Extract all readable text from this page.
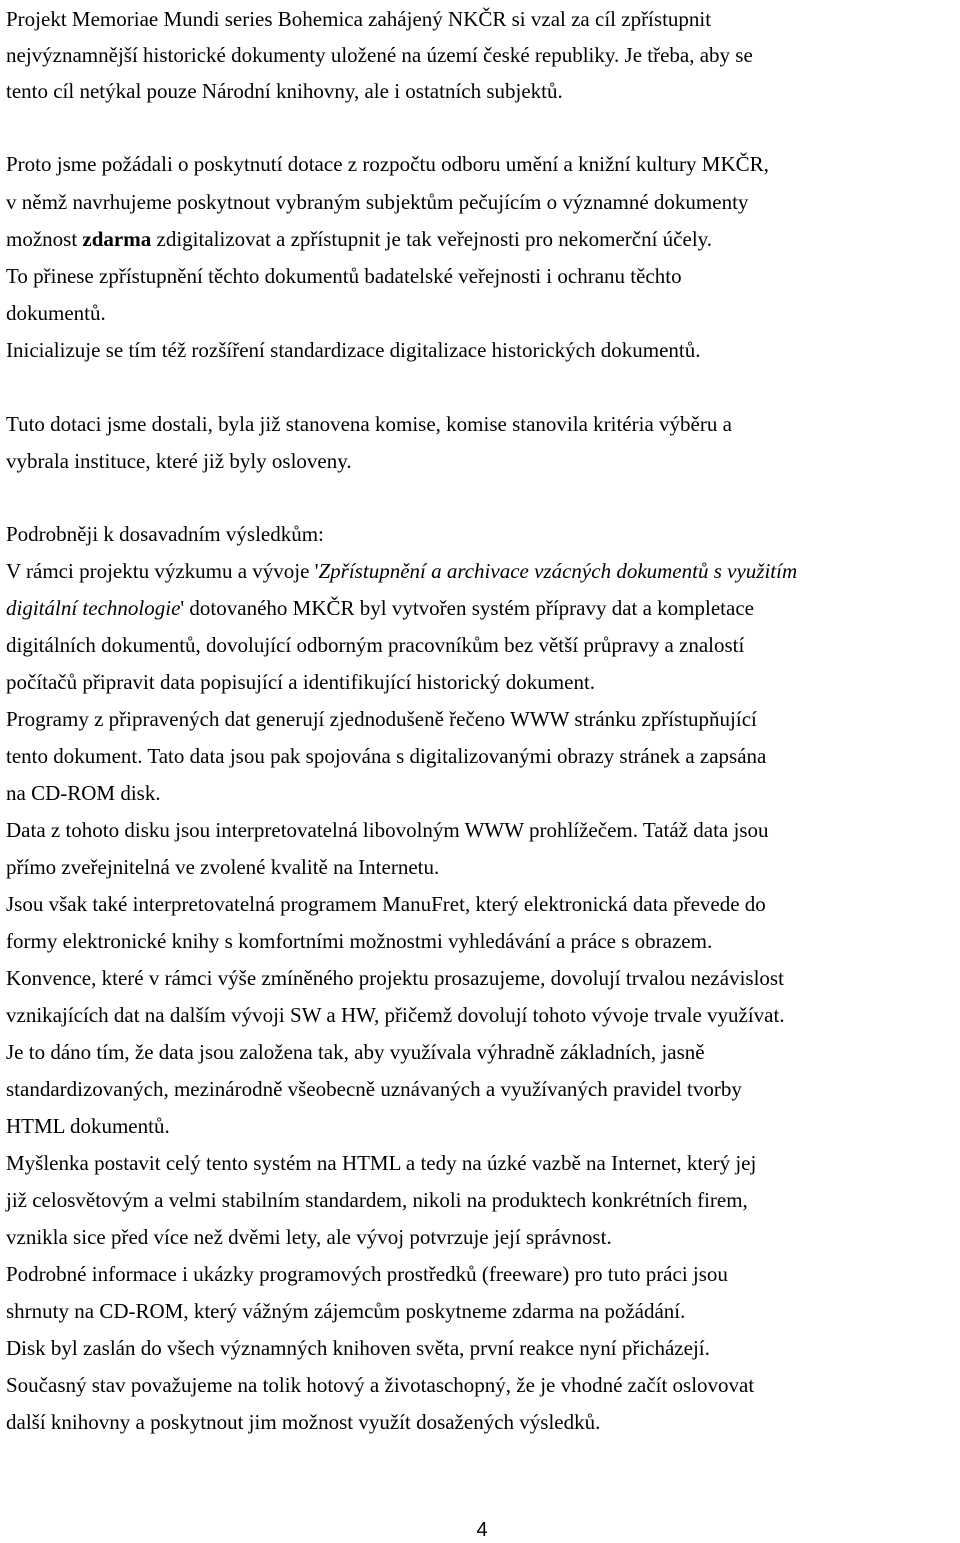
Projekt Memoriae Mundi series Bohemica zahájený NKČR si vzal za cíl zpřístupnit
nejvýznamnější historické dokumenty uložené na území české republiky. Je třeba, aby se
tento cíl netýkal pouze Národní knihovny, ale i ostatních subjektů.
Proto jsme požádali o poskytnutí dotace z rozpočtu odboru umění a knižní kultury MKČR,
v němž navrhujeme poskytnout vybraným subjektům pečujícím o významné dokumenty
možnost zdarma zdigitalizovat a zpřístupnit je tak veřejnosti pro nekomerční účely.
To přinese zpřístupnění těchto dokumentů badatelské veřejnosti i ochranu těchto
dokumentů.
Inicializuje se tím též rozšíření standardizace digitalizace historických dokumentů.
Tuto dotaci jsme dostali, byla již stanovena komise, komise stanovila kritéria výběru a
vybrala instituce, které již byly osloveny.
Podrobněji k dosavadním výsledkům:
V rámci projektu výzkumu a vývoje 'Zpřístupnění a archivace vzácných dokumentů s využitím
digitální technologie' dotovaného MKČR byl vytvořen systém přípravy dat a kompletace
digitálních dokumentů, dovolující odborným pracovníkům bez větší průpravy a znalostí
počítačů připravit data popisující a identifikující historický dokument.
Programy z připravených dat generují zjednodušeně řečeno WWW stránku zpřístupňující
tento dokument. Tato data jsou pak spojována s digitalizovanými obrazy stránek a zapsána
na CD-ROM disk.
Data z tohoto disku jsou interpretovatelná libovolným WWW prohlížečem. Tatáž data jsou
přímo zveřejnitelná ve zvolené kvalitě na Internetu.
Jsou však také interpretovatelná programem ManuFret, který elektronická data převede do
formy elektronické knihy s komfortními možnostmi vyhledávání a práce s obrazem.
Konvence, které v rámci výše zmíněného projektu prosazujeme, dovolují trvalou nezávislost
vznikajících dat na dalším vývoji SW a HW, přičemž dovolují tohoto vývoje trvale využívat.
Je to dáno tím, že data jsou založena tak, aby využívala výhradně základních, jasně
standardizovaných, mezinárodně všeobecně uznávaných a využívaných pravidel tvorby
HTML dokumentů.
Myšlenka postavit celý tento systém na HTML a tedy na úzké vazbě na Internet, který jej
již celosvětovým a velmi stabilním standardem, nikoli na produktech konkrétních firem,
vznikla sice před více než dvěmi lety, ale vývoj potvrzuje její správnost.
Podrobné informace i ukázky programových prostředků (freeware) pro tuto práci jsou
shrnuty na CD-ROM, který vážným zájemcům poskytneme zdarma na požádání.
Disk byl zaslán do všech významných knihoven světa, první reakce nyní přicházejí.
Současný stav považujeme na tolik hotový a životaschopný, že je vhodné začít oslovovat
další knihovny a poskytnout jim možnost využít dosažených výsledků.
4
